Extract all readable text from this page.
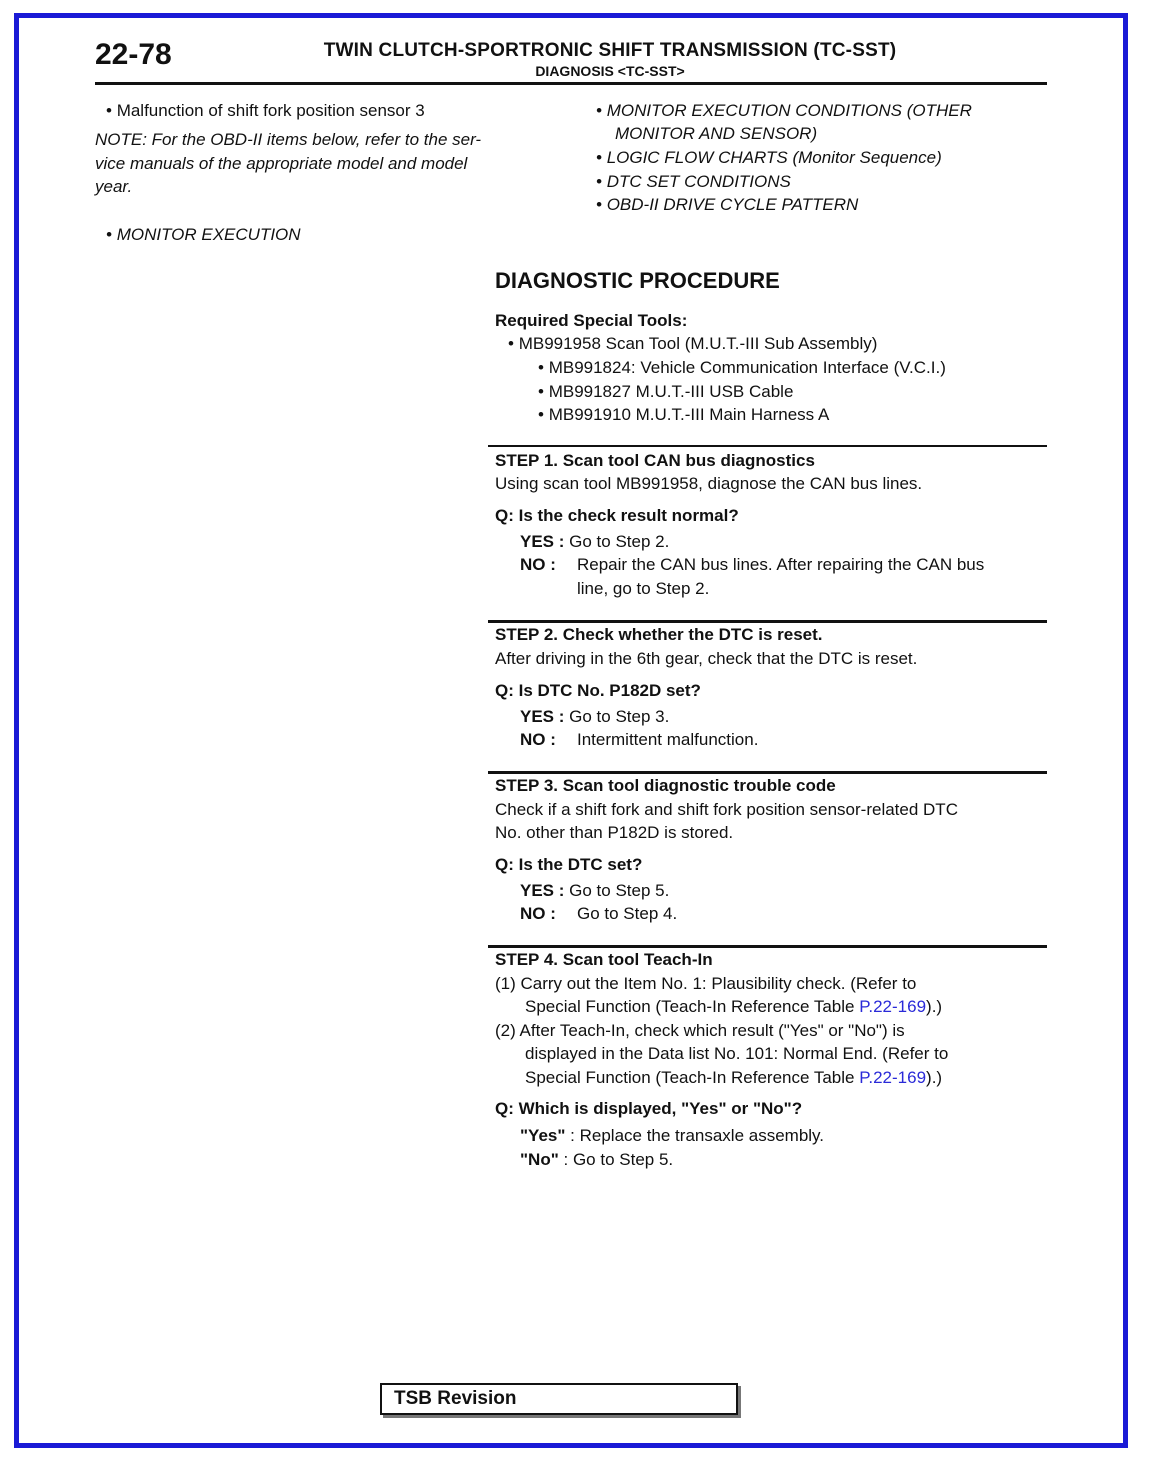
22-78	TWIN CLUTCH-SPORTRONIC SHIFT TRANSMISSION (TC-SST)
DIAGNOSIS <TC-SST>
• Malfunction of shift fork position sensor 3
NOTE: For the OBD-II items below, refer to the ser-
vice manuals of the appropriate model and model
year.
• MONITOR EXECUTION
• MONITOR EXECUTION CONDITIONS (OTHER
MONITOR AND SENSOR)
• LOGIC FLOW CHARTS (Monitor Sequence)
• DTC SET CONDITIONS
• OBD-II DRIVE CYCLE PATTERN
DIAGNOSTIC PROCEDURE
Required Special Tools:
• MB991958 Scan Tool (M.U.T.-III Sub Assembly)
• MB991824: Vehicle Communication Interface (V.C.I.)
• MB991827 M.U.T.-III USB Cable
• MB991910 M.U.T.-III Main Harness A
STEP 1. Scan tool CAN bus diagnostics
Using scan tool MB991958, diagnose the CAN bus lines.
Q: Is the check result normal?
YES : Go to Step 2.
NO : Repair the CAN bus lines. After repairing the CAN bus
line, go to Step 2.
STEP 2. Check whether the DTC is reset.
After driving in the 6th gear, check that the DTC is reset.
Q: Is DTC No. P182D set?
YES : Go to Step 3.
NO : Intermittent malfunction.
STEP 3. Scan tool diagnostic trouble code
Check if a shift fork and shift fork position sensor-related DTC
No. other than P182D is stored.
Q: Is the DTC set?
YES : Go to Step 5.
NO : Go to Step 4.
STEP 4. Scan tool Teach-In
(1) Carry out the Item No. 1: Plausibility check. (Refer to
Special Function (Teach-In Reference Table P.22-169).)
(2) After Teach-In, check which result ("Yes" or "No") is
displayed in the Data list No. 101: Normal End. (Refer to
Special Function (Teach-In Reference Table P.22-169).)
Q: Which is displayed, "Yes" or "No"?
"Yes" : Replace the transaxle assembly.
"No" : Go to Step 5.
TSB Revision
